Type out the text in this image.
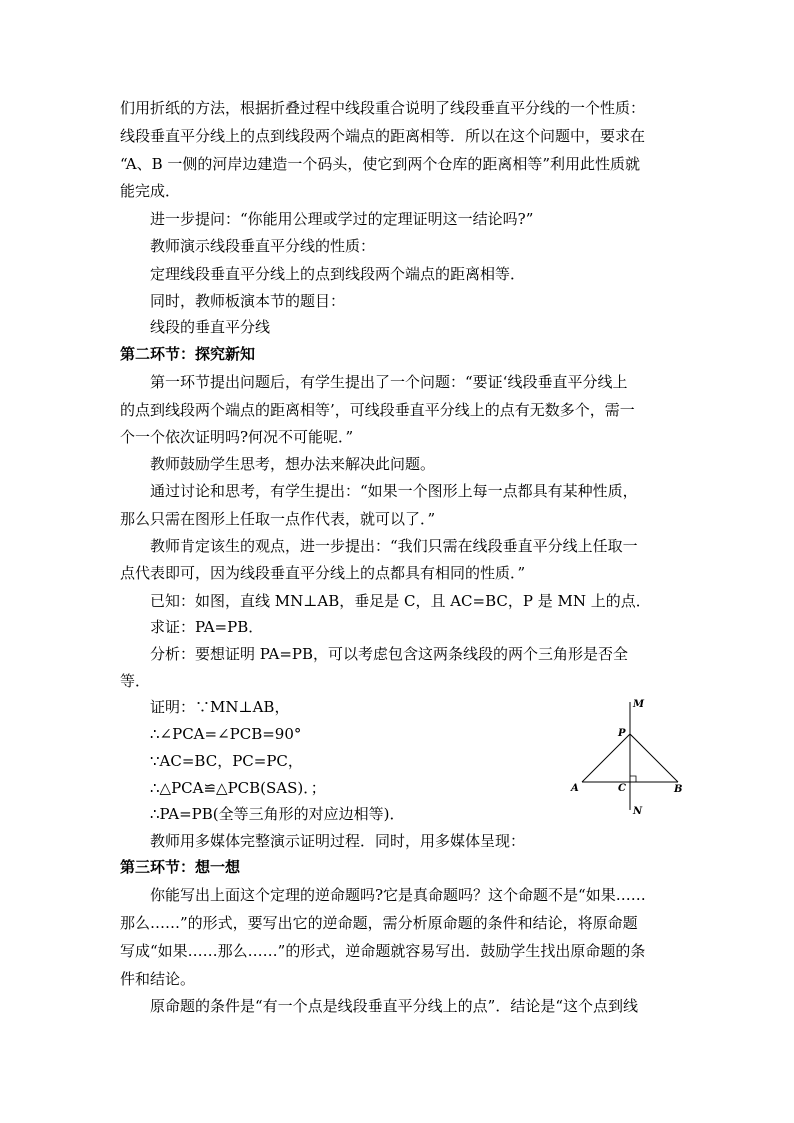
们用折纸的方法，根据折叠过程中线段重合说明了线段垂直平分线的一个性质：
线段垂直平分线上的点到线段两个端点的距离相等．所以在这个问题中，要求在
“A、B 一侧的河岸边建造一个码头，使它到两个仓库的距离相等”利用此性质就
能完成．
进一步提问：“你能用公理或学过的定理证明这一结论吗?”
教师演示线段垂直平分线的性质：
定理线段垂直平分线上的点到线段两个端点的距离相等．
同时，教师板演本节的题目：
线段的垂直平分线
第二环节：探究新知
第一环节提出问题后，有学生提出了一个问题：“要证‘线段垂直平分线上
的点到线段两个端点的距离相等’，可线段垂直平分线上的点有无数多个，需一
个一个依次证明吗?何况不可能呢．”
教师鼓励学生思考，想办法来解决此问题。
通过讨论和思考，有学生提出：“如果一个图形上每一点都具有某种性质，
那么只需在图形上任取一点作代表，就可以了．”
教师肯定该生的观点，进一步提出：“我们只需在线段垂直平分线上任取一
点代表即可，因为线段垂直平分线上的点都具有相同的性质．”
已知：如图，直线 MN⊥AB，垂足是 C，且 AC=BC，P 是 MN 上的点．
求证：PA=PB．
分析：要想证明 PA=PB，可以考虑包含这两条线段的两个三角形是否全
等．
证明：∵MN⊥AB，
∴∠PCA=∠PCB=90°
∵AC=BC，PC=PC，
∴△PCA≌△PCB(SAS)．；
∴PA=PB(全等三角形的对应边相等)．
教师用多媒体完整演示证明过程．同时，用多媒体呈现：
第三环节：想一想
你能写出上面这个定理的逆命题吗?它是真命题吗？这个命题不是“如果……
那么……”的形式，要写出它的逆命题，需分析原命题的条件和结论，将原命题
写成“如果……那么……”的形式，逆命题就容易写出．鼓励学生找出原命题的条
件和结论。
原命题的条件是“有一个点是线段垂直平分线上的点”．结论是“这个点到线
M
P
A	C	B
N
